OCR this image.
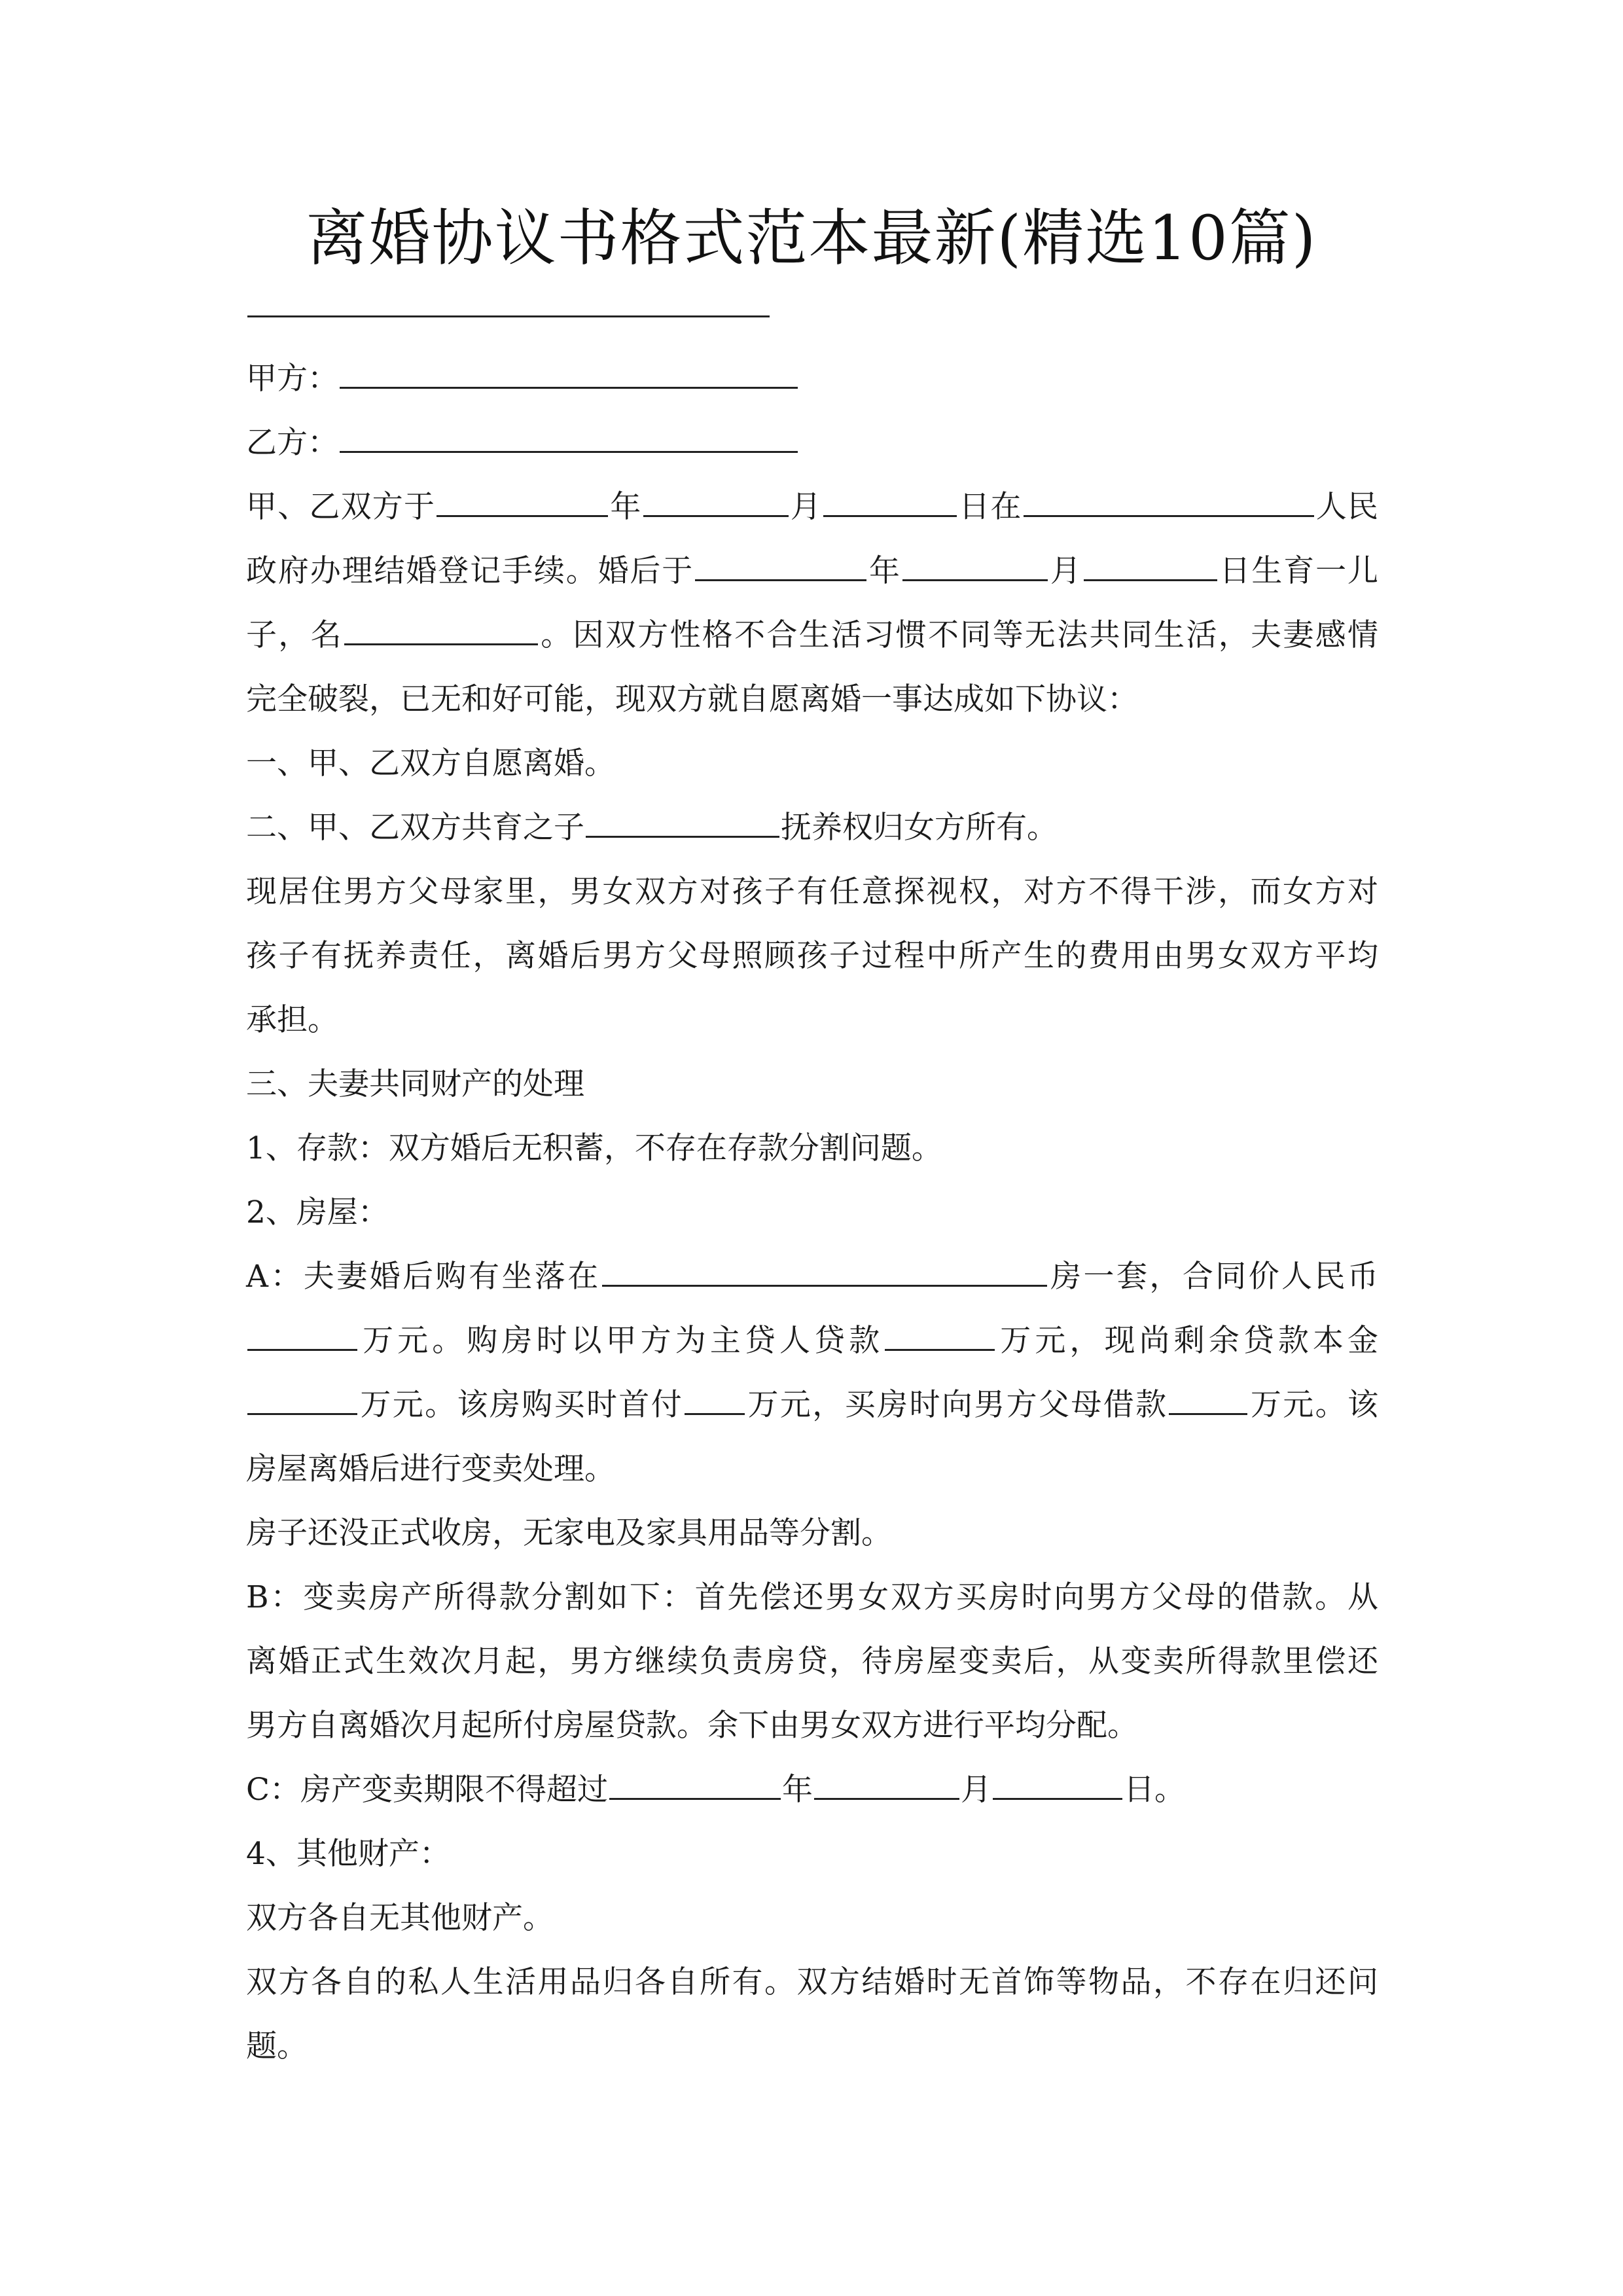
离婚协议书格式范本最新(精选10篇)
甲方：
乙方：
甲、乙双方于	年	月	日在	人民
政府办理结婚登记手续。婚后于	年	月	日生育一儿
子，名	。因双方性格不合生活习惯不同等无法共同生活，夫妻感情
完全破裂，已无和好可能，现双方就自愿离婚一事达成如下协议：
一、甲、乙双方自愿离婚。
二、甲、乙双方共育之子	抚养权归女方所有。
现居住男方父母家里，男女双方对孩子有任意探视权，对方不得干涉，而女方对
孩子有抚养责任，离婚后男方父母照顾孩子过程中所产生的费用由男女双方平均
承担。
三、夫妻共同财产的处理
1、存款：双方婚后无积蓄，不存在存款分割问题。
2、房屋：
A：夫妻婚后购有坐落在	房一套，合同价人民币
万元。购房时以甲方为主贷人贷款	万元，现尚剩余贷款本金
万元。该房购买时首付 万元，买房时向男方父母借款	万元。该
房屋离婚后进行变卖处理。
房子还没正式收房，无家电及家具用品等分割。
B：变卖房产所得款分割如下：首先偿还男女双方买房时向男方父母的借款。从
离婚正式生效次月起，男方继续负责房贷，待房屋变卖后，从变卖所得款里偿还
男方自离婚次月起所付房屋贷款。余下由男女双方进行平均分配。
C：房产变卖期限不得超过	年	月	日。
4、其他财产：
双方各自无其他财产。
双方各自的私人生活用品归各自所有。双方结婚时无首饰等物品，不存在归还问
题。
